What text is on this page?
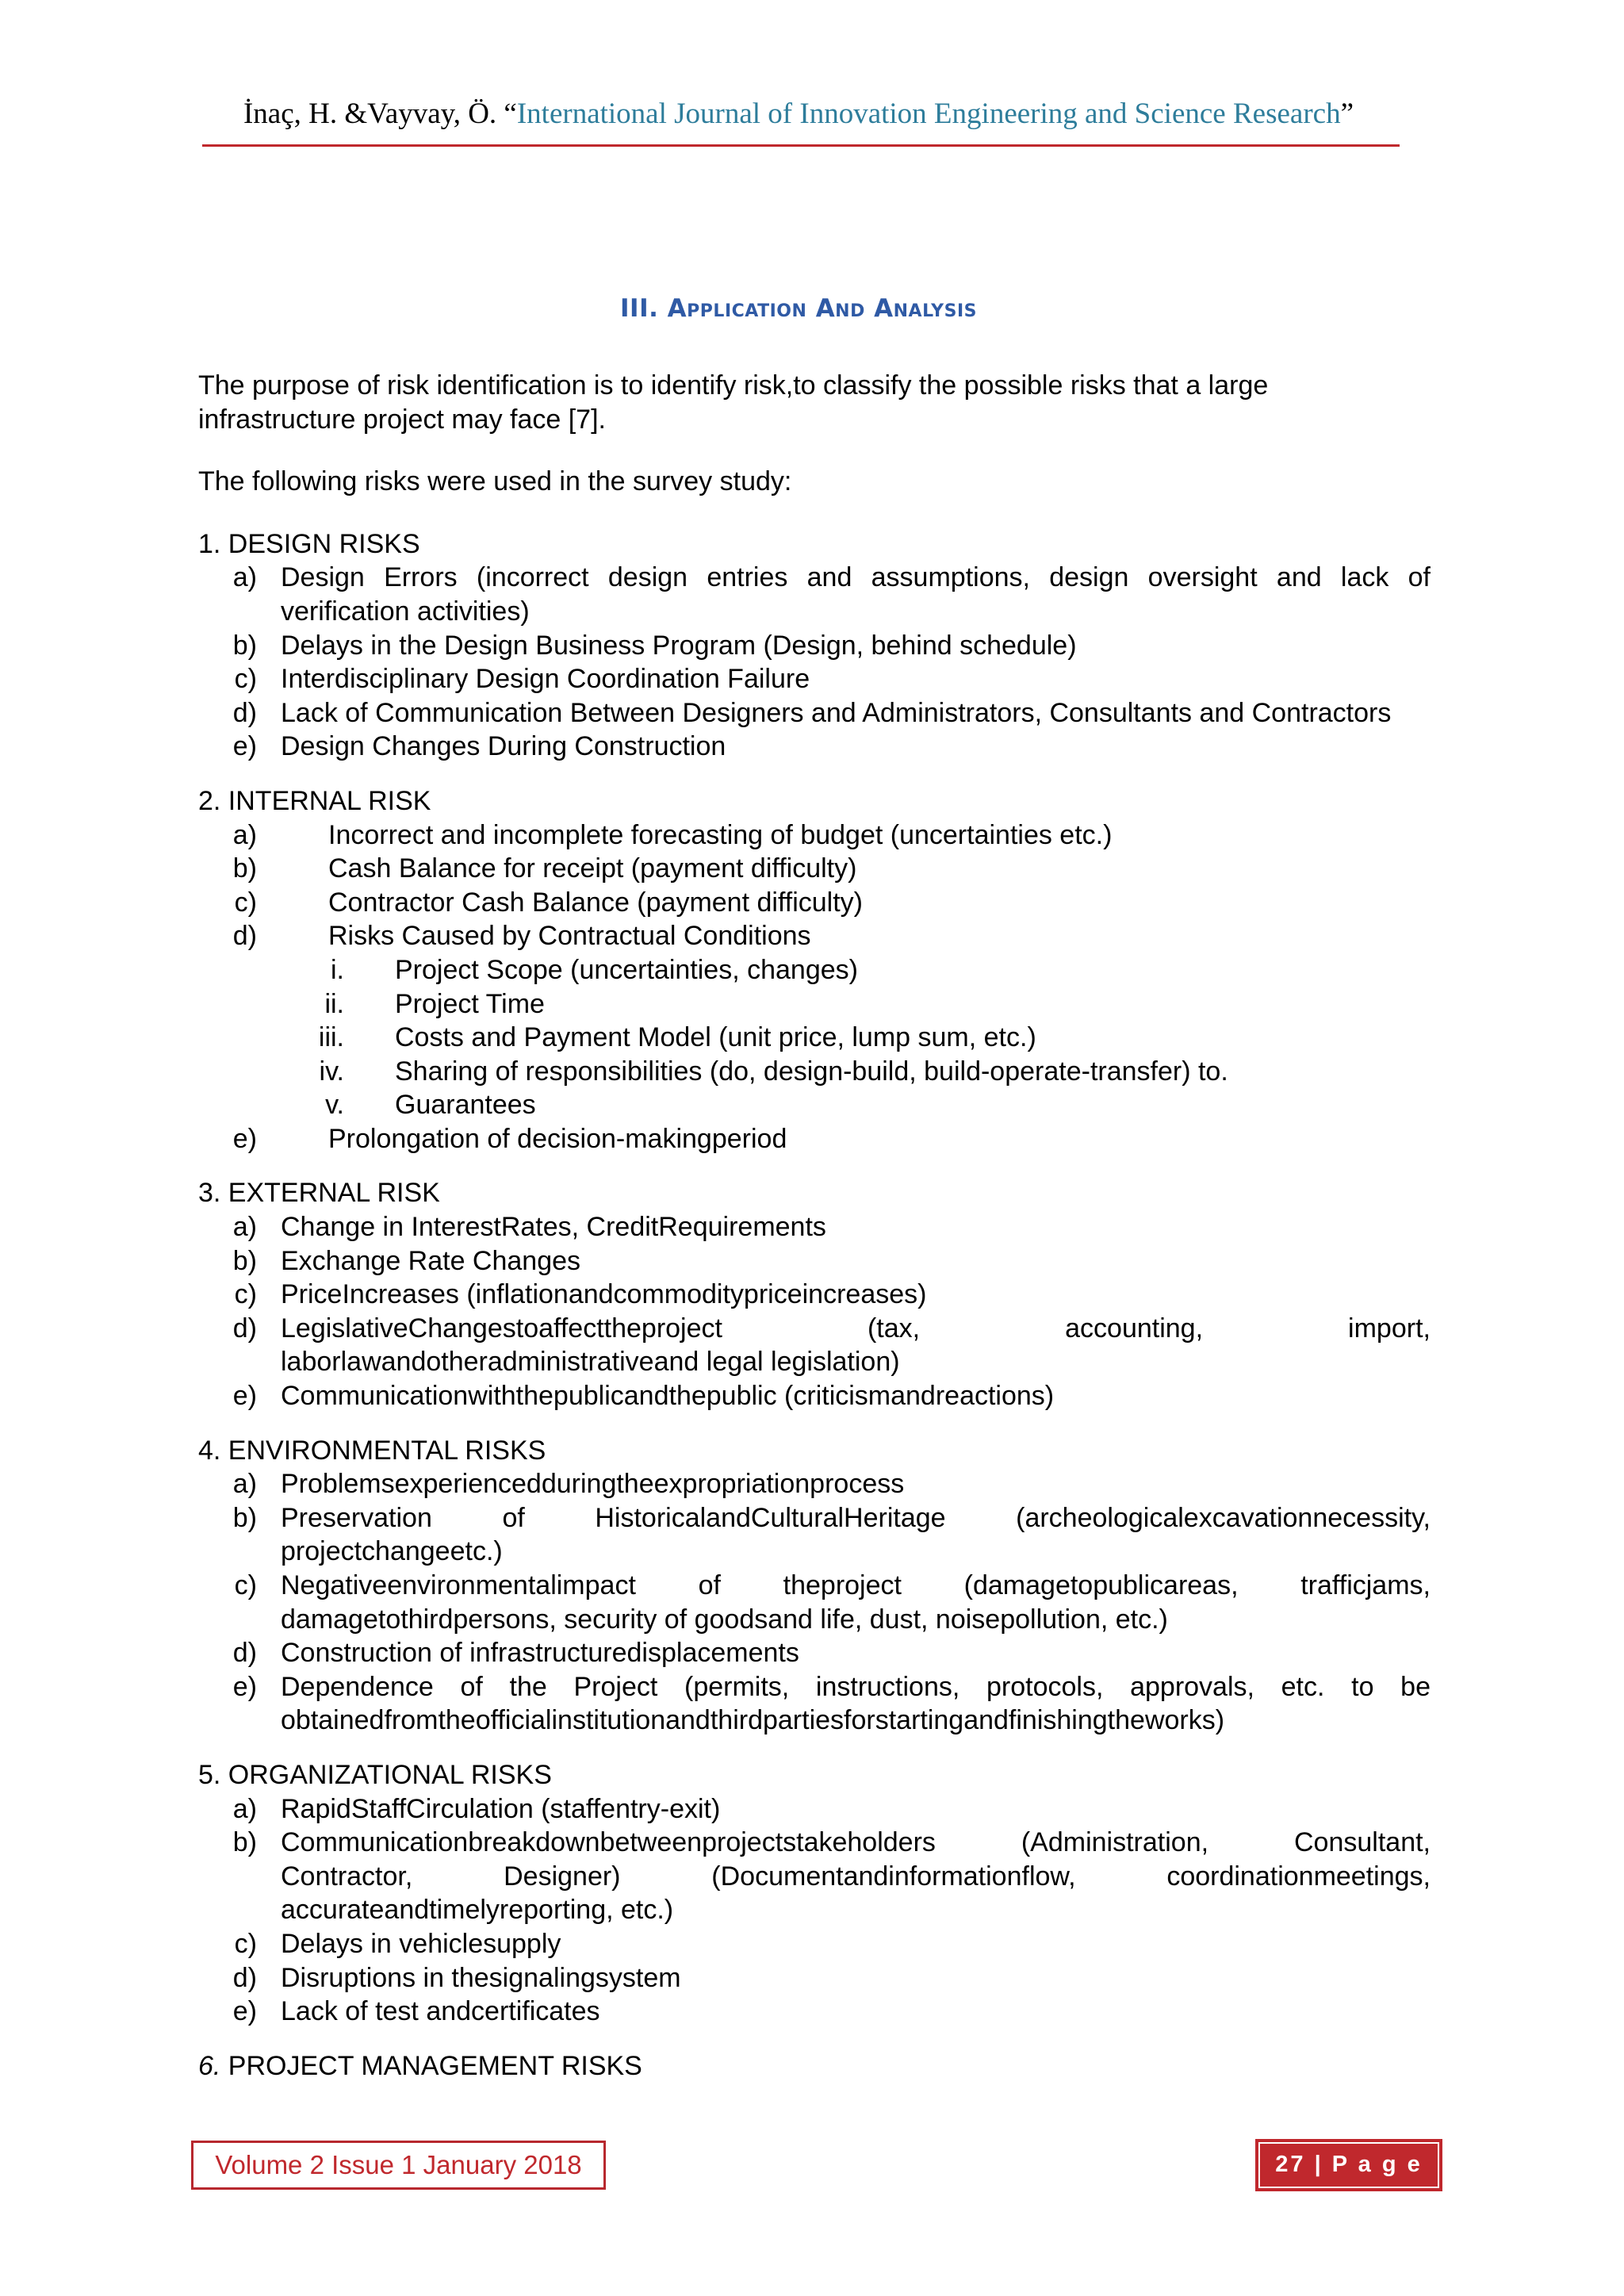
İnaç, H. &Vayvay, Ö. “International Journal of Innovation Engineering and Science Research”
III. Application And Analysis

The purpose of risk identification is to identify risk,to classify the possible risks that a large infrastructure project may face [7].

The following risks were used in the survey study:

1. DESIGN RISKS

a) Design Errors (incorrect design entries and assumptions, design oversight and lack of verification activities)
b) Delays in the Design Business Program (Design, behind schedule)
c) Interdisciplinary Design Coordination Failure
d) Lack of Communication Between Designers and Administrators, Consultants and Contractors
e) Design Changes During Construction

2. INTERNAL RISK

a)	Incorrect and incomplete forecasting of budget (uncertainties etc.)
b)	Cash Balance for receipt (payment difficulty)
c)	Contractor Cash Balance (payment difficulty)
d)	Risks Caused by Contractual Conditions
i. Project Scope (uncertainties, changes)
ii. Project Time
iii. Costs and Payment Model (unit price, lump sum, etc.)
iv. Sharing of responsibilities (do, design-build, build-operate-transfer) to.
v. Guarantees
e)	Prolongation of decision-makingperiod

3. EXTERNAL RISK

a) Change in InterestRates, CreditRequirements
b) Exchange Rate Changes
c) PriceIncreases (inflationandcommoditypriceincreases)
d) LegislativeChangestoaffecttheproject	(tax,	accounting,	import,
laborlawandotheradministrativeand legal legislation)
e) Communicationwiththepublicandthepublic (criticismandreactions)

4. ENVIRONMENTAL RISKS

a) Problemsexperiencedduringtheexpropriationprocess
b) Preservation	of	HistoricalandCulturalHeritage	(archeologicalexcavationnecessity,
projectchangeetc.)
c) Negativeenvironmentalimpact of theproject (damagetopublicareas, trafficjams,
damagetothirdpersons, security of goodsand life, dust, noisepollution, etc.)
d) Construction of infrastructuredisplacements
e) Dependence of the Project (permits, instructions, protocols, approvals, etc. to be obtainedfromtheofficialinstitutionandthirdpartiesforstartingandfinishingtheworks)

5. ORGANIZATIONAL RISKS

a) RapidStaffCirculation (staffentry-exit)
b) Communicationbreakdownbetweenprojectstakeholders	(Administration,	Consultant,
Contractor,	Designer)	(Documentandinformationflow,	coordinationmeetings,
accurateandtimelyreporting, etc.)
c) Delays in vehiclesupply
d) Disruptions in thesignalingsystem
e) Lack of test andcertificates

6. PROJECT MANAGEMENT RISKS

Volume 2 Issue 1 January 2018	27 | P a g e
